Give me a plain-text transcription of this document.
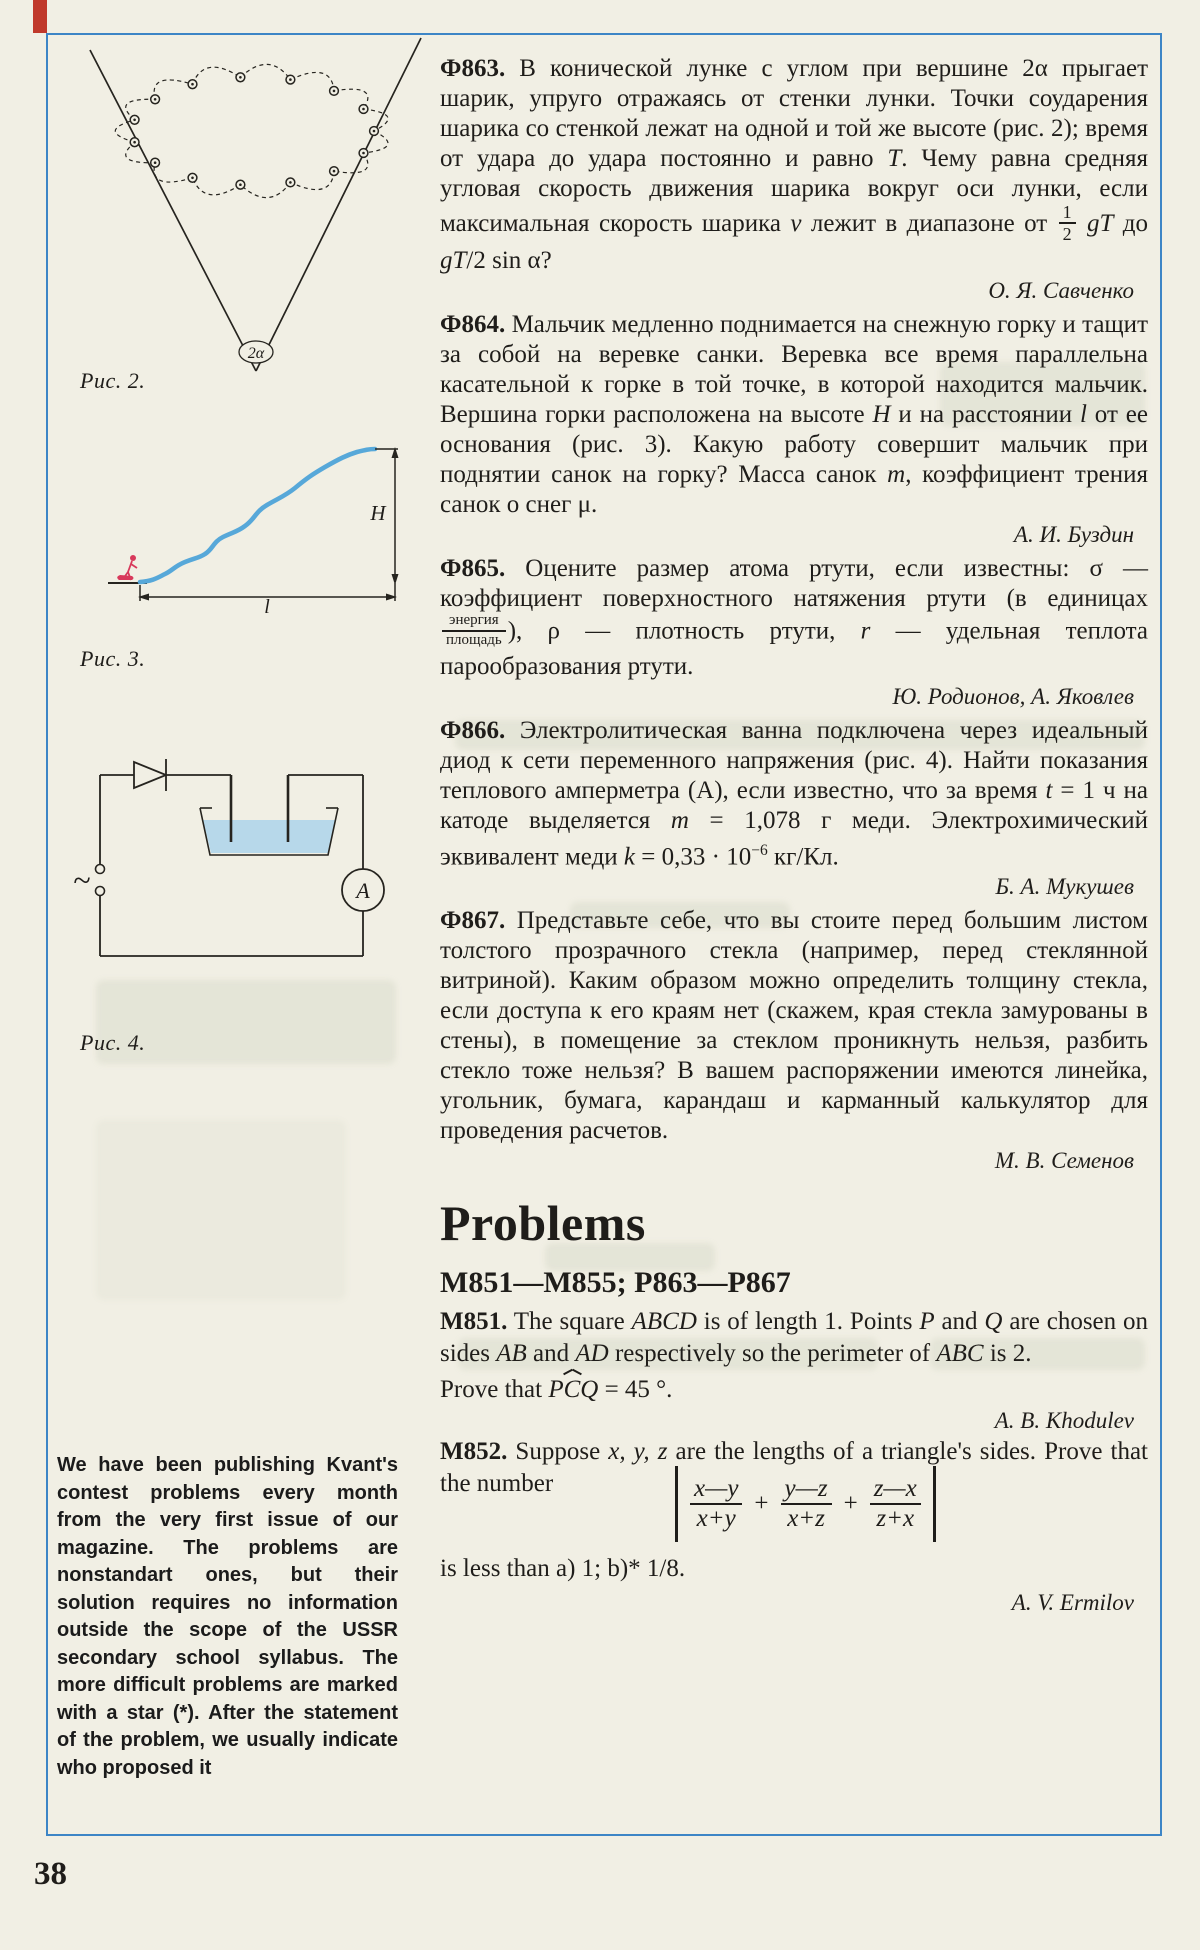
2α
Рис. 2.
H
l
Рис. 3.
A
~
Рис. 4.

Ф863. В конической лунке с углом при вершине 2α прыгает шарик, упруго отражаясь от стенки лунки. Точки соударения шарика со стенкой лежат на одной и той же высоте (рис. 2); время от удара до удара постоянно и равно Т. Чему равна средняя угловая скорость движения шарика вокруг оси лунки, если максимальная скорость шарика v лежит в диапазоне от $\frac{1}{2}$ gT до gT/2 sin α?

О. Я. Савченко

Ф864. Мальчик медленно поднимается на снежную горку и тащит за собой на веревке санки. Веревка все время параллельна касательной к горке в той точке, в которой находится мальчик. Вершина горки расположена на высоте Н и на расстоянии l от ее основания (рис. 3). Какую работу совершит мальчик при поднятии санок на горку? Масса санок m, коэффициент трения санок о снег μ.

А. И. Буздин

Ф865. Оцените размер атома ртути, если известны: σ — коэффициент поверхностного натяжения ртути (в единицах
$\frac{\text{энергия}}{\text{площадь}}$ ), ρ — плотность ртути, r — удельная теплота парообразования ртути.

Ю. Родионов, А. Яковлев

Ф866. Электролитическая ванна подключена через идеальный диод к сети переменного напряжения (рис. 4). Найти показания теплового амперметра (А), если известно, что за время t = 1 ч на катоде выделяется m = 1,078 г меди. Электрохимический эквивалент меди $k = 0,33 \cdot 10^{-6}$ кг/Кл.

Б. А. Мукушев

Ф867. Представьте себе, что вы стоите перед большим листом толстого прозрачного стекла (например, перед стеклянной витриной). Каким образом можно определить толщину стекла, если доступа к его краям нет (скажем, края стекла замурованы в стены), в помещение за стеклом проникнуть нельзя, разбить стекло тоже нельзя? В вашем распоряжении имеются линейка, угольник, бумага, карандаш и карманный калькулятор для проведения расчетов.

М. В. Семенов
Problems
M851—M855; P863—P867

M851. The square ABCD is of length 1. Points P and Q are chosen on sides AB and AD respectively so the perimeter of ABC is 2.

Prove that PCQ = 45 °.
A. B. Khodulev

M852. Suppose x, y, z are the lengths of a triangle's sides. Prove that the number	$\frac{x—y}{x+y} + \frac{y—z}{x+z} + \frac{z—x}{z+x}$
is less than a) 1; b)* 1/8.
A. V. Ermilov
We have been publishing Kvant's contest problems every month from the very first issue of our magazine. The problems are nonstandart ones, but their solution requires no information outside the scope of the USSR secondary school syllabus. The more difficult problems are marked with a star (*). After the statement of the problem, we usually indicate who proposed it
38
